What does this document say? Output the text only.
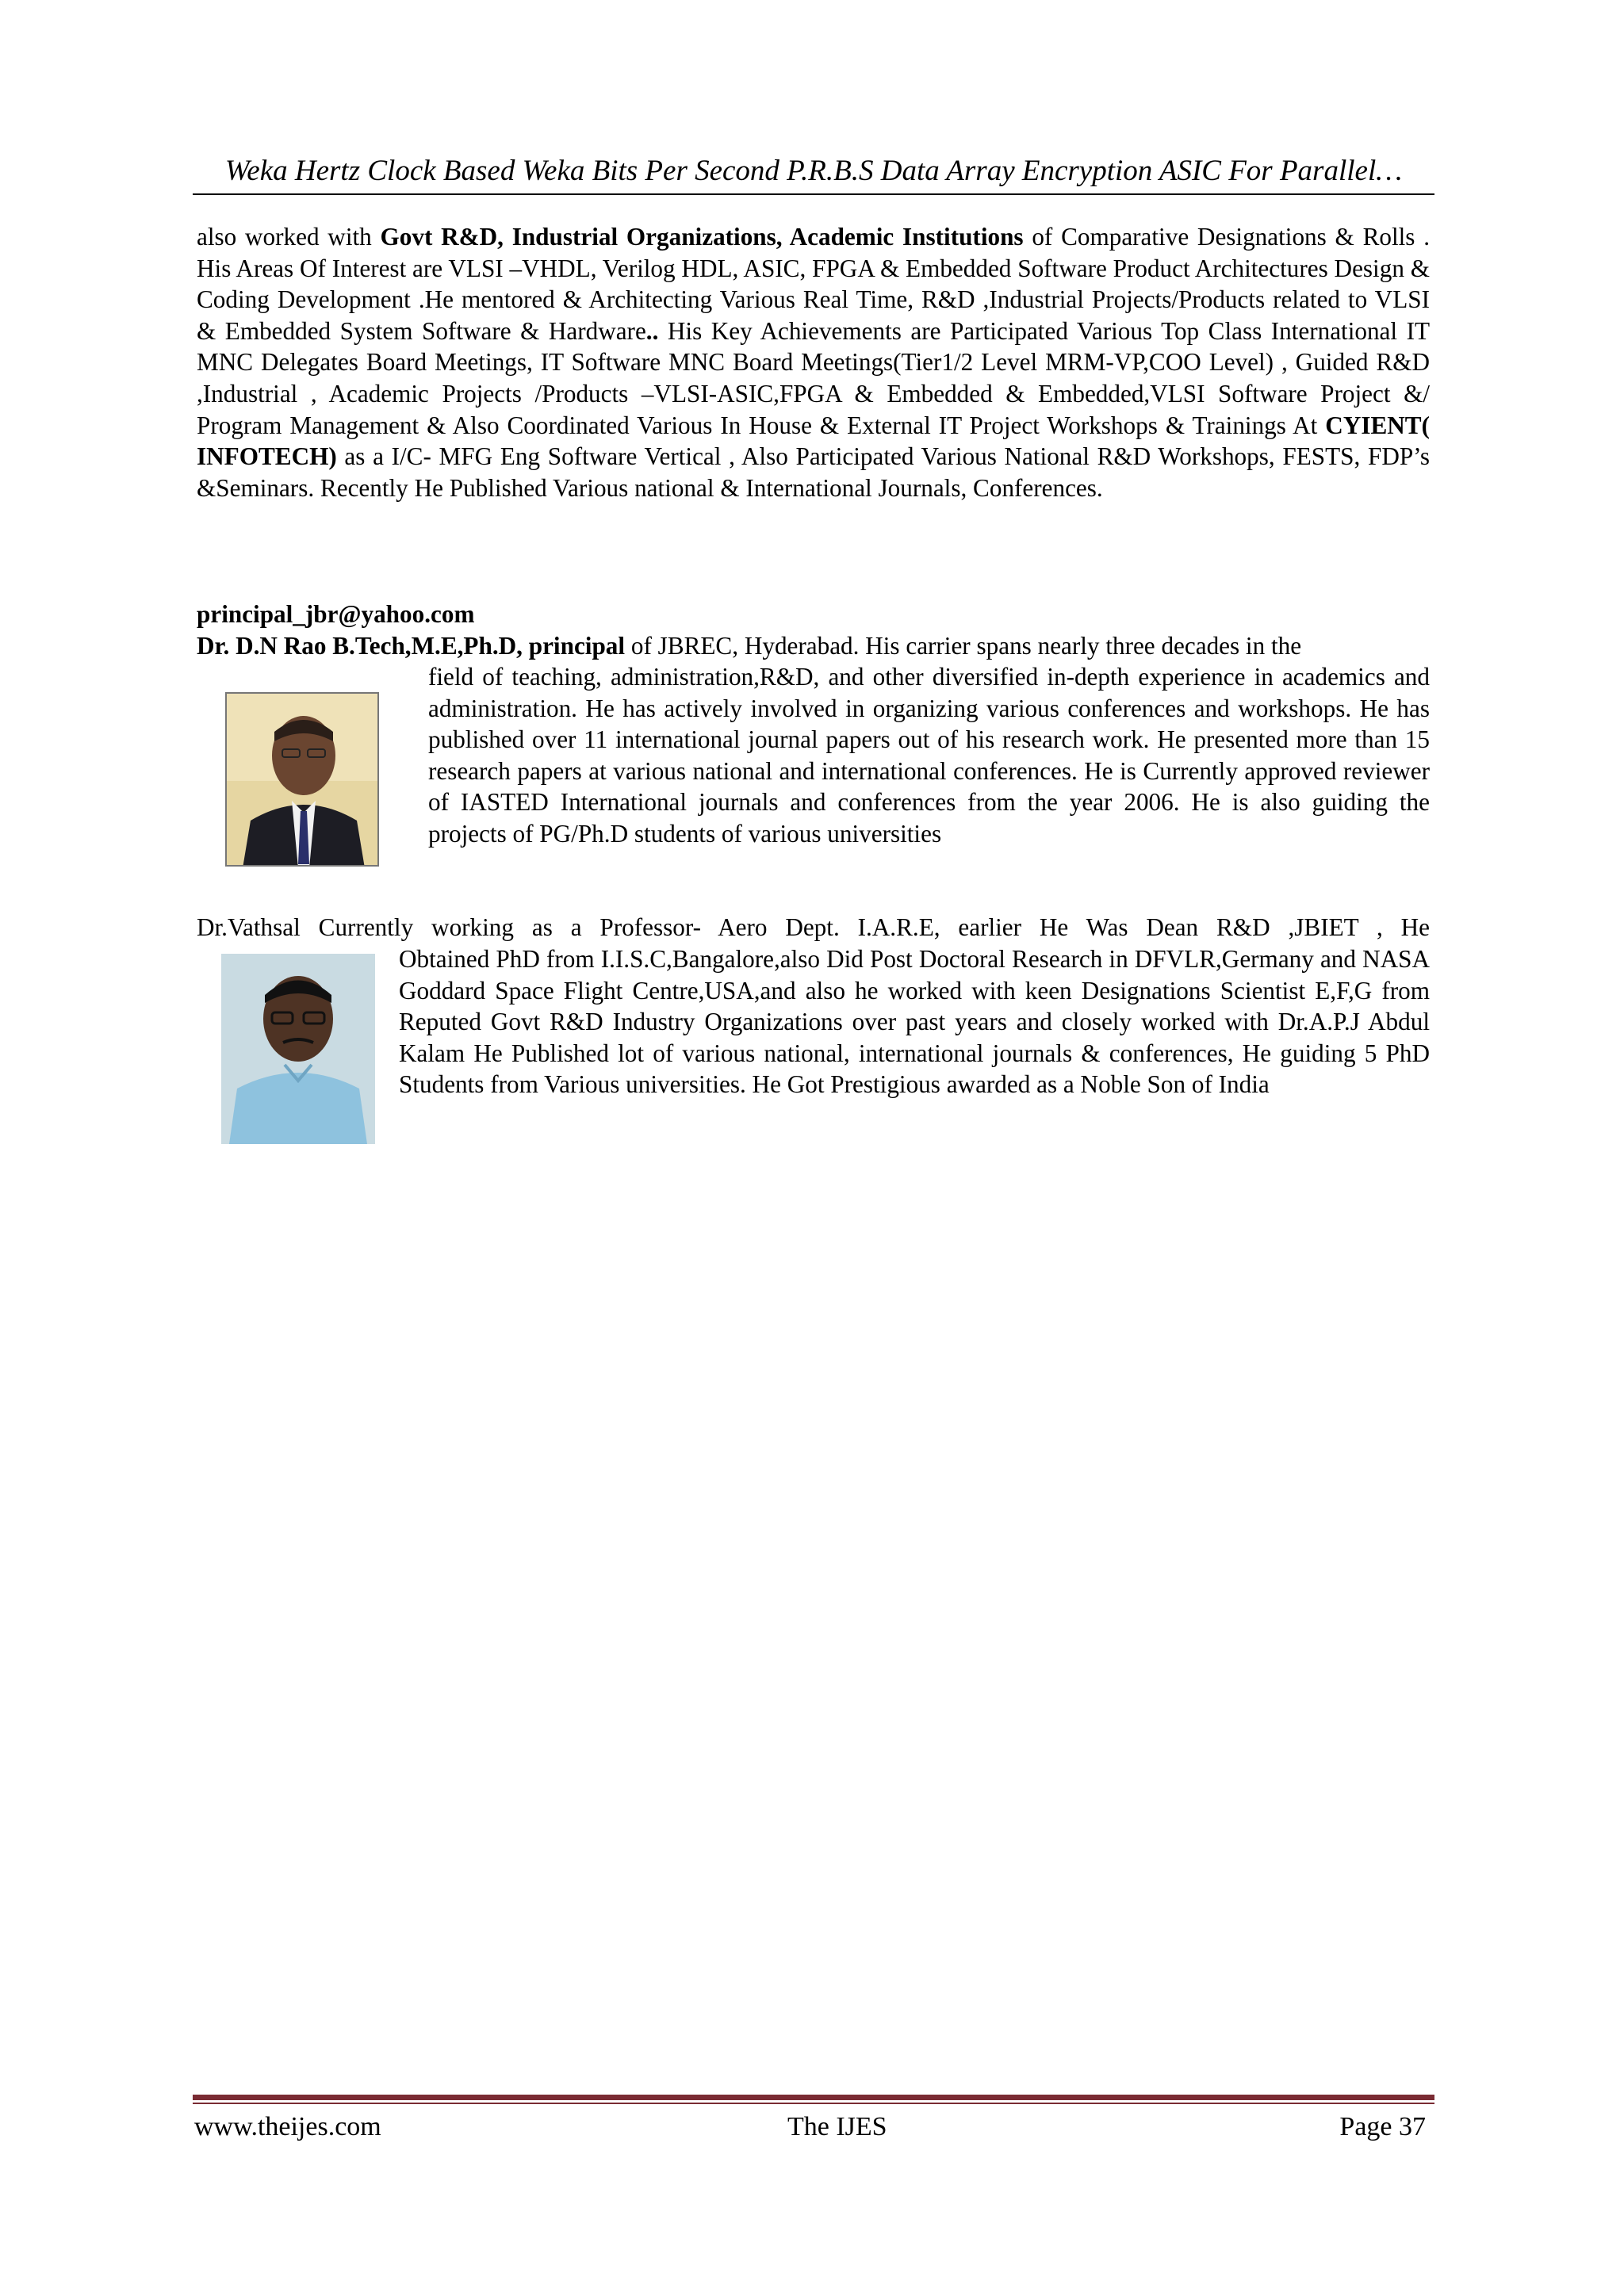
Weka Hertz Clock Based Weka Bits Per Second P.R.B.S Data Array Encryption ASIC For Parallel…
also worked with Govt R&D, Industrial Organizations, Academic Institutions of Comparative Designations & Rolls . His Areas Of Interest are VLSI –VHDL, Verilog HDL, ASIC, FPGA & Embedded Software Product Architectures Design & Coding Development .He mentored & Architecting Various Real Time, R&D ,Industrial Projects/Products related to VLSI & Embedded System Software & Hardware.. His Key Achievements are Participated Various Top Class International IT MNC Delegates Board Meetings, IT Software MNC Board Meetings(Tier1/2 Level MRM-VP,COO Level) , Guided R&D ,Industrial , Academic Projects /Products –VLSI-ASIC,FPGA & Embedded & Embedded,VLSI Software Project &/ Program Management & Also Coordinated Various In House & External IT Project Workshops & Trainings At CYIENT( INFOTECH) as a I/C- MFG Eng Software Vertical , Also Participated Various National R&D Workshops, FESTS, FDP’s &Seminars. Recently He Published Various national & International Journals, Conferences.
principal_jbr@yahoo.com
Dr. D.N Rao B.Tech,M.E,Ph.D, principal of JBREC, Hyderabad. His carrier spans nearly three decades in the
field of teaching, administration,R&D, and other diversified in-depth experience in academics and administration. He has actively involved in organizing various conferences and workshops. He has published over 11 international journal papers out of his research work. He presented more than 15 research papers at various national and international conferences. He is Currently approved reviewer of IASTED International journals and conferences from the year 2006. He is also guiding the projects of PG/Ph.D students of various universities
Dr.Vathsal Currently working as a Professor- Aero Dept. I.A.R.E, earlier He Was Dean R&D ,JBIET , He
Obtained PhD from I.I.S.C,Bangalore,also Did Post Doctoral Research in DFVLR,Germany and NASA Goddard Space Flight Centre,USA,and also he worked with keen Designations Scientist E,F,G from Reputed Govt R&D Industry Organizations over past years and closely worked with Dr.A.P.J Abdul Kalam He Published lot of various national, international journals & conferences, He guiding 5 PhD Students from Various universities. He Got Prestigious awarded as a Noble Son of India
www.theijes.com	The IJES	Page 37
